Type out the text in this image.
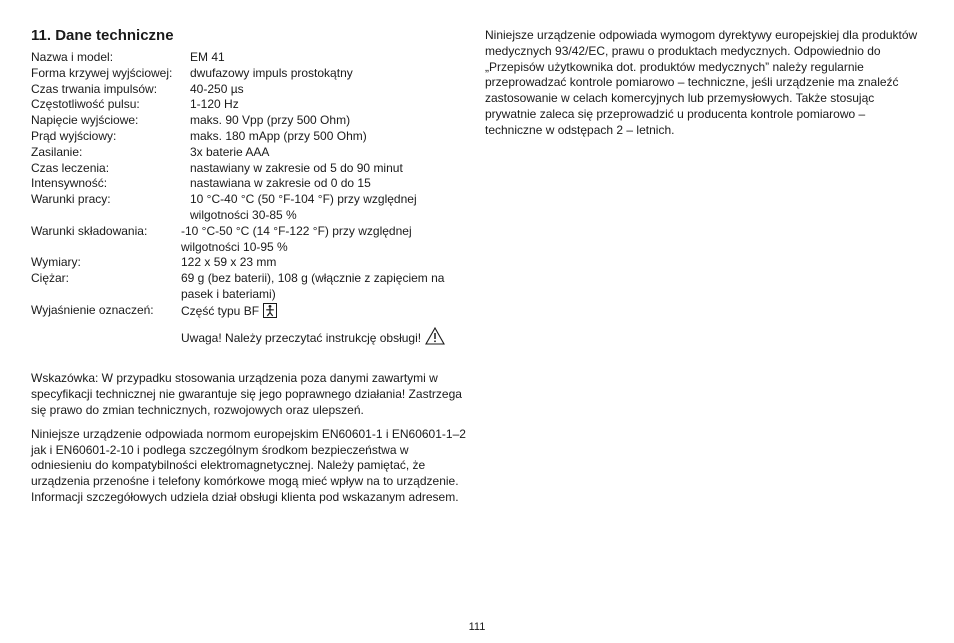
11. Dane techniczne
Nazwa i model:	EM 41
Forma krzywej wyjściowej:	dwufazowy impuls prostokątny
Czas trwania impulsów:	40-250 µs
Częstotliwość pulsu:	1-120 Hz
Napięcie wyjściowe:	maks. 90 Vpp (przy 500 Ohm)
Prąd wyjściowy:	maks. 180 mApp (przy 500 Ohm)
Zasilanie:	3x baterie AAA
Czas leczenia:	nastawiany w zakresie od 5 do 90 minut
Intensywność:	nastawiana w zakresie od 0 do 15
Warunki pracy:	10 °C-40 °C (50 °F-104 °F) przy względnej wilgotności 30-85 %
Warunki składowania:	-10 °C-50 °C (14 °F-122 °F) przy względnej wilgotności 10-95 %
Wymiary:	122 x 59 x 23 mm
Ciężar:	69 g (bez baterii), 108 g (włącznie z zapięciem na pasek i bateriami)
Wyjaśnienie oznaczeń:	Część typu BF
Uwaga! Należy przeczytać instrukcję obsługi!

Wskazówka: W przypadku stosowania urządzenia poza danymi zawartymi w specyfikacji technicznej nie gwarantuje się jego poprawnego działania! Zastrzega się prawo do zmian technicznych, rozwojowych oraz ulepszeń.

Niniejsze urządzenie odpowiada normom europejskim EN60601-1 i EN60601-1–2 jak i EN60601-2-10 i podlega szczególnym środkom bezpieczeństwa w odniesieniu do kompatybilności elektromagnetycznej. Należy pamiętać, że urządzenia przenośne i telefony komórkowe mogą mieć wpływ na to urządzenie. Informacji szczegółowych udziela dział obsługi klienta pod wskazanym adresem.

Niniejsze urządzenie odpowiada wymogom dyrektywy europejskiej dla produktów medycznych 93/42/EC, prawu o produktach medycznych. Odpowiednio do „Przepisów użytkownika dot. produktów medycznych” należy regularnie przeprowadzać kontrole pomiarowo – techniczne, jeśli urządzenie ma znaleźć zastosowanie w celach komercyjnych lub przemysłowych. Także stosując prywatnie zaleca się przeprowadzić u producenta kontrole pomiarowo – techniczne w odstępach 2 – letnich.

111
